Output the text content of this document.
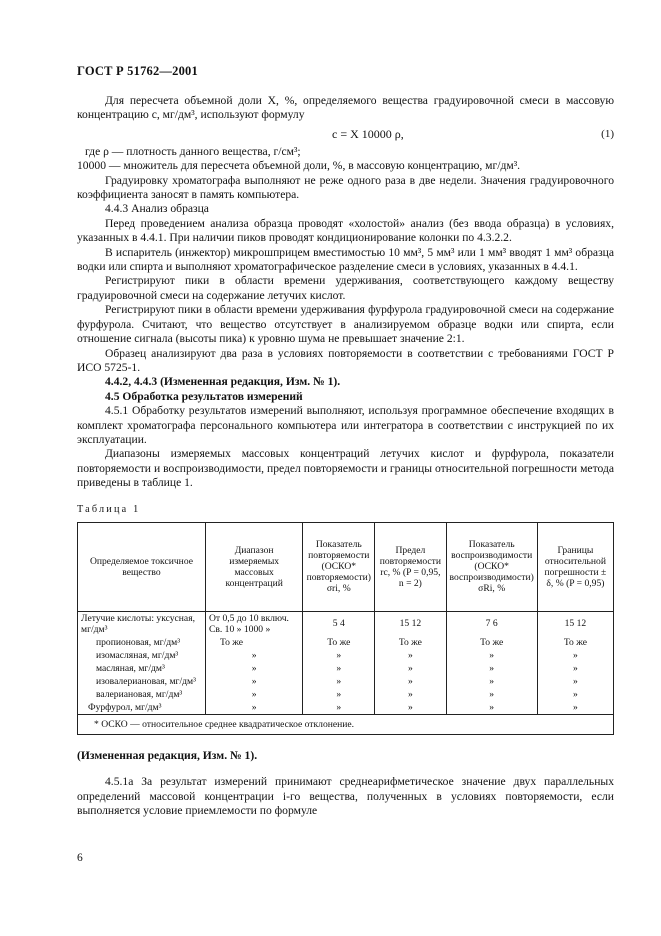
ГОСТ Р 51762—2001

Для пересчета объемной доли X, %, определяемого вещества градуировочной смеси в массовую концентрацию с, мг/дм³, используют формулу

c = X 10000 ρ,	(1)

где ρ — плотность данного вещества, г/см³;

10000 — множитель для пересчета объемной доли, %, в массовую концентрацию, мг/дм³.

Градуировку хроматографа выполняют не реже одного раза в две недели. Значения градуировочного коэффициента заносят в память компьютера.

4.4.3 Анализ образца

Перед проведением анализа образца проводят «холостой» анализ (без ввода образца) в условиях, указанных в 4.4.1. При наличии пиков проводят кондиционирование колонки по 4.3.2.2.

В испаритель (инжектор) микрошприцем вместимостью 10 мм³, 5 мм³ или 1 мм³ вводят 1 мм³ образца водки или спирта и выполняют хроматографическое разделение смеси в условиях, указанных в 4.4.1.

Регистрируют пики в области времени удерживания, соответствующего каждому веществу градуировочной смеси на содержание летучих кислот.

Регистрируют пики в области времени удерживания фурфурола градуировочной смеси на содержание фурфурола. Считают, что вещество отсутствует в анализируемом образце водки или спирта, если отношение сигнала (высоты пика) к уровню шума не превышает значение 2:1.

Образец анализируют два раза в условиях повторяемости в соответствии с требованиями ГОСТ Р ИСО 5725-1.

4.4.2, 4.4.3 (Измененная редакция, Изм. № 1).

4.5 Обработка результатов измерений

4.5.1 Обработку результатов измерений выполняют, используя программное обеспечение входящих в комплект хроматографа персонального компьютера или интегратора в соответствии с инструкцией по их эксплуатации.

Диапазоны измеряемых массовых концентраций летучих кислот и фурфурола, показатели повторяемости и воспроизводимости, предел повторяемости и границы относительной погрешности метода приведены в таблице 1.

Таблица 1
Определяемое токсичное вещество	Диапазон измеряемых массовых концентраций	Показатель повторяемости (ОСКО* повторяемости) σri, %	Предел повторяемости rc, % (P = 0,95, n = 2)	Показатель воспроизводимости (ОСКО* воспроизводимости) σRi, %	Границы относительной погрешности ± δ, % (P = 0,95)
Летучие кислоты: уксусная, мг/дм³	От 0,5 до 10 включ. Св. 10 » 1000 »	5 4	15 12	7 6	15 12
пропионовая, мг/дм³	То же	То же	То же	То же	То же
изомасляная, мг/дм³	»	»	»	»	»
масляная, мг/дм³	»	»	»	»	»
изовалериановая, мг/дм³	»	»	»	»	»
валериановая, мг/дм³	»	»	»	»	»
Фурфурол, мг/дм³	»	»	»	»	»
* ОСКО — относительное среднее квадратическое отклонение.					

(Измененная редакция, Изм. № 1).

4.5.1а За результат измерений принимают среднеарифметическое значение двух параллельных определений массовой концентрации i-го вещества, полученных в условиях повторяемости, если выполняется условие приемлемости по формуле

6
